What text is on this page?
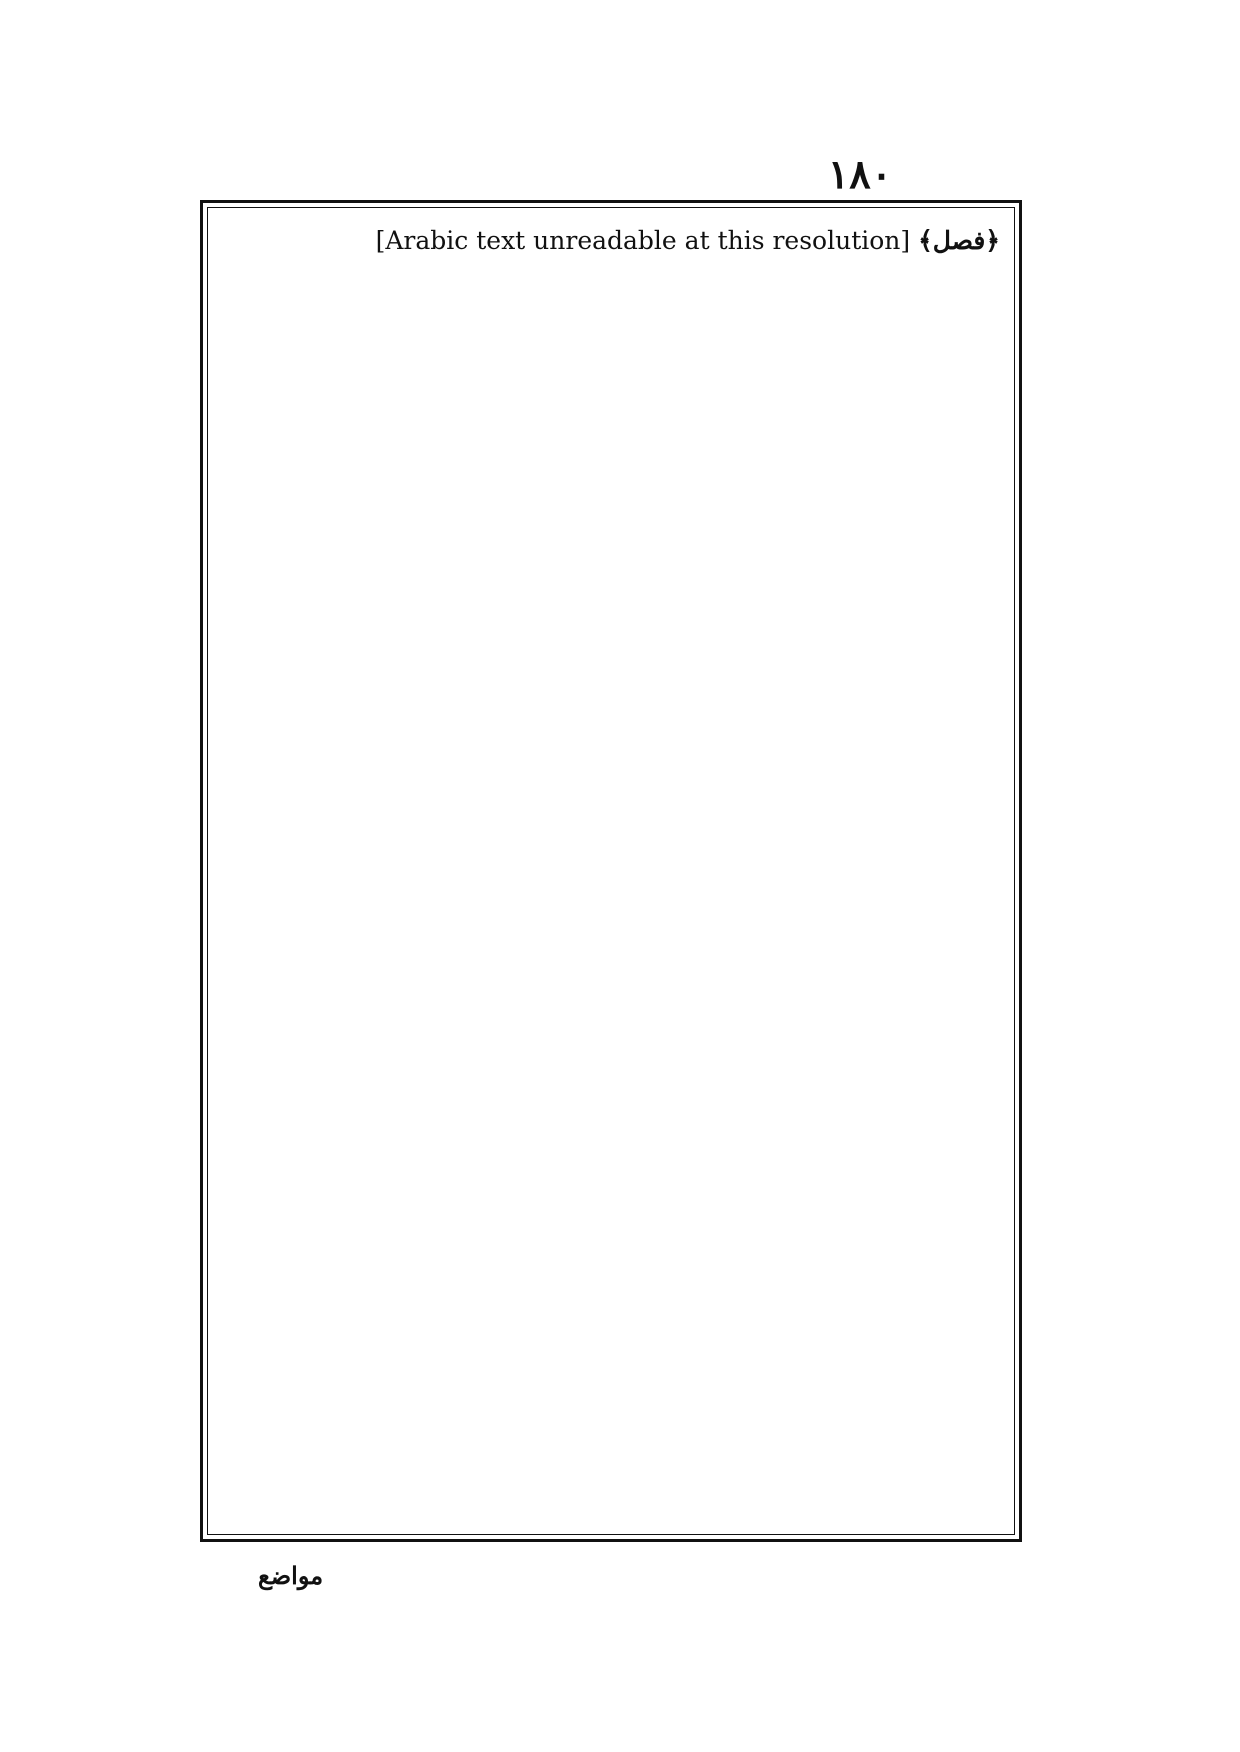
١٨٠

﴿فصل﴾ [Arabic text unreadable at this resolution]

مواضع
